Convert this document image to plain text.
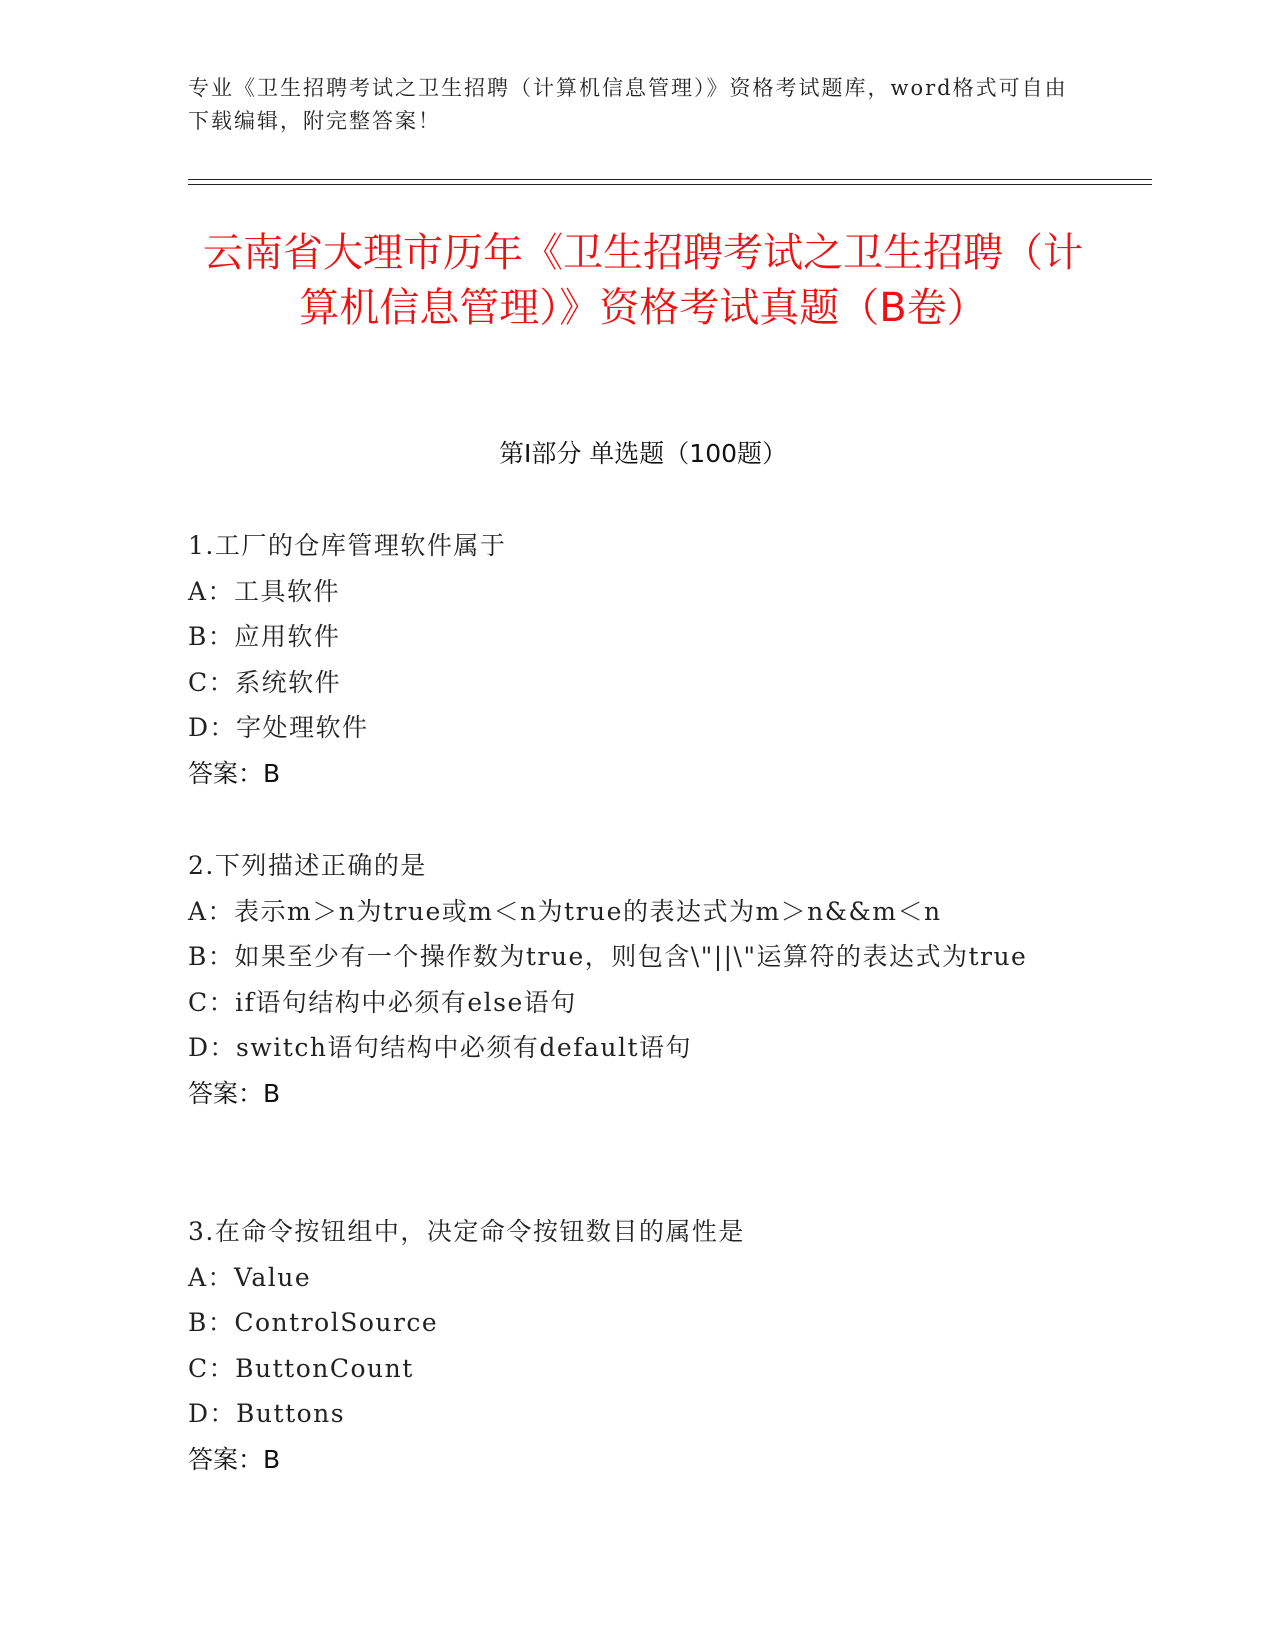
专业《卫生招聘考试之卫生招聘（计算机信息管理）》资格考试题库，word格式可自由下载编辑，附完整答案！
云南省大理市历年《卫生招聘考试之卫生招聘（计算机信息管理）》资格考试真题（B卷）
第I部分 单选题（100题）
1.工厂的仓库管理软件属于
A：工具软件
B：应用软件
C：系统软件
D：字处理软件
答案：B
2.下列描述正确的是
A：表示m＞n为true或m＜n为true的表达式为m＞n&&m＜n
B：如果至少有一个操作数为true，则包含\"||\"运算符的表达式为true
C：if语句结构中必须有else语句
D：switch语句结构中必须有default语句
答案：B
3.在命令按钮组中，决定命令按钮数目的属性是
A：Value
B：ControlSource
C：ButtonCount
D：Buttons
答案：B
